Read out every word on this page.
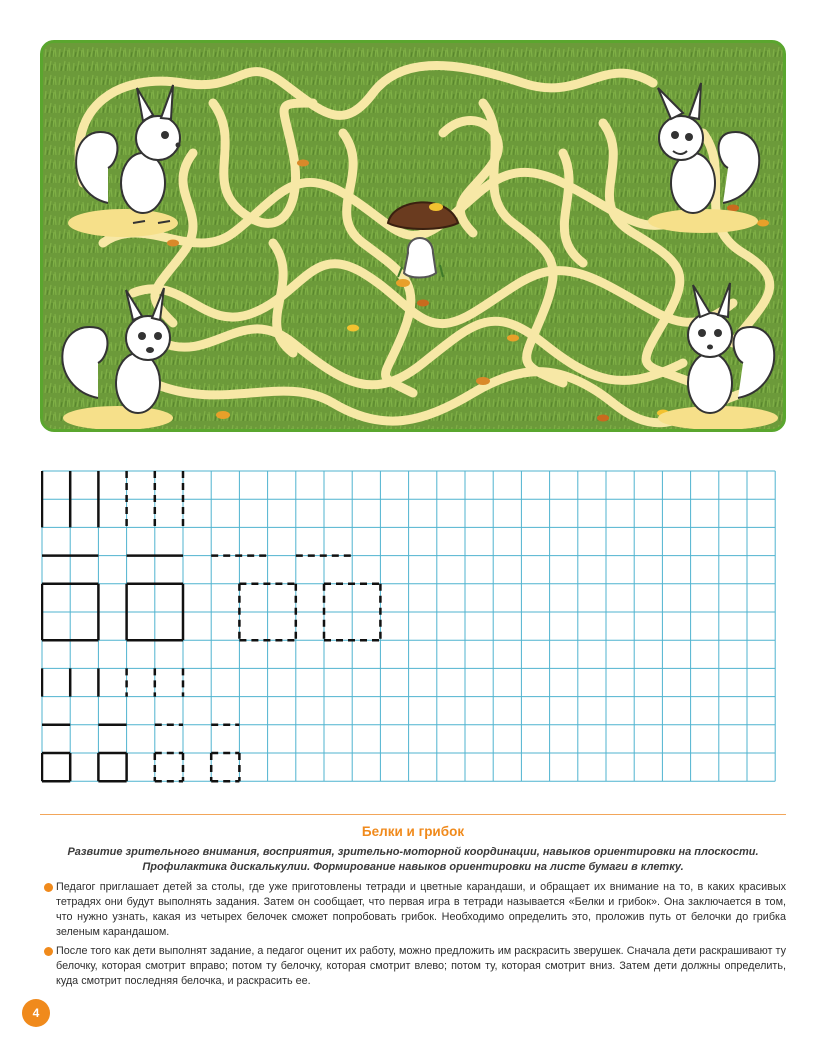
Белки и грибок
Развитие зрительного внимания, восприятия, зрительно-моторной координации, навыков ориентировки на плоскости.
Профилактика дискалькулии. Формирование навыков ориентировки на листе бумаги в клетку.

Педагог приглашает детей за столы, где уже приготовлены тетради и цветные карандаши, и обращает их внимание на то, в каких красивых тетрадях они будут выполнять задания. Затем он сообщает, что первая игра в тетради называется «Белки и грибок». Она заключается в том, что нужно узнать, какая из четырех белочек сможет попробовать грибок. Необходимо определить это, проложив путь от белочки до грибка зеленым карандашом.

После того как дети выполнят задание, а педагог оценит их работу, можно предложить им раскрасить зверушек. Сначала дети раскрашивают ту белочку, которая смотрит вправо; потом ту белочку, которая смотрит влево; потом ту, которая смотрит вниз. Затем дети должны определить, куда смотрит последняя белочка, и раскрасить ее.

4
